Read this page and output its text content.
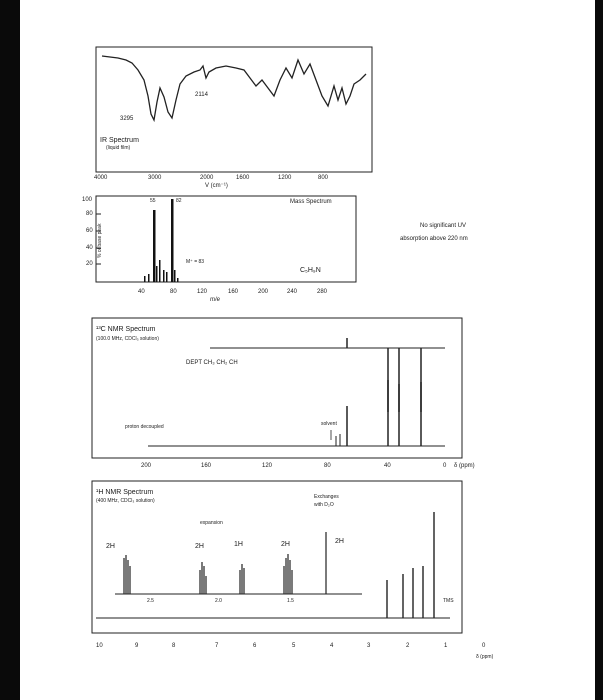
2114
3295
IR Spectrum
(liquid film)
4000	3000	2000	1600	1200	800
V (cm⁻¹)
Mass Spectrum
100
80
60
40
20
% of base peak
55	82
M⁺ = 83
C₅H₉N
40	80	120	160	200	240	280
m/e
No significant UV
absorption above 220 nm
¹³C NMR Spectrum
(100.0 MHz, CDCl₃ solution)
DEPT CH₃ CH₂ CH
proton decoupled	solvent
200	160	120	80	40	0 δ (ppm)
¹H NMR Spectrum
(400 MHz, CDCl₃ solution)
expansion
Exchanges
with D₂O
2H	2H	1H	2H	2H
2.5	2.0	1.5	TMS
10	9	8	7	6	5	4	3	2	1	0
δ (ppm)
